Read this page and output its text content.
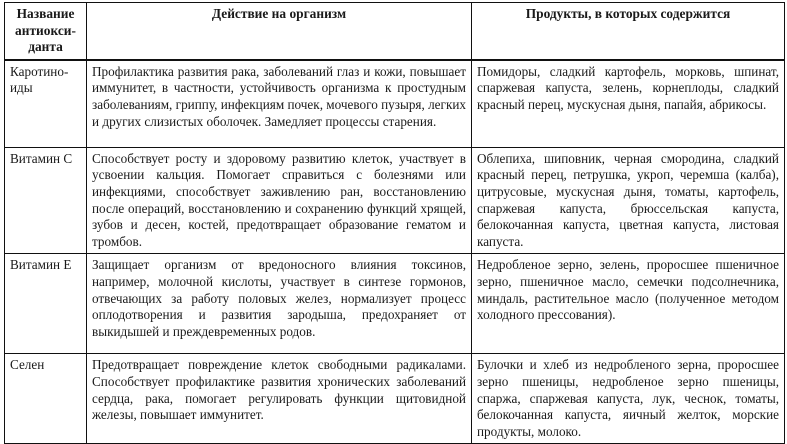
Название антиокси-данта	Действие на организм	Продукты, в которых содержится
Каротино-иды	Профилактика развития рака, заболеваний глаз и кожи, повышает иммунитет, в частности, устойчивость организма к простудным заболеваниям, гриппу, инфекциям почек, мочевого пузыря, легких и других слизистых оболочек. Замедляет процессы старения.	Помидоры, сладкий картофель, морковь, шпинат, спаржевая капуста, зелень, корнеплоды, сладкий красный перец, мускусная дыня, папайя, абрикосы.
Витамин С	Способствует росту и здоровому развитию клеток, участвует в усвоении кальция. Помогает справиться с болезнями или инфекциями, способствует заживлению ран, восстановлению после операций, восстановлению и сохранению функций хрящей, зубов и десен, костей, предотвращает образование гематом и тромбов.	Облепиха, шиповник, черная смородина, сладкий красный перец, петрушка, укроп, черемша (калба), цитрусовые, мускусная дыня, томаты, картофель, спаржевая капуста, брюссельская капуста, белокочанная капуста, цветная капуста, листовая капуста.
Витамин Е	Защищает организм от вредоносного влияния токсинов, например, молочной кислоты, участвует в синтезе гормонов, отвечающих за работу половых желез, нормализует процесс оплодотворения и развития зародыша, предохраняет от выкидышей и преждевременных родов.	Недробленое зерно, зелень, проросшее пшеничное зерно, пшеничное масло, семечки подсолнечника, миндаль, растительное масло (полученное методом холодного прессования).
Селен	Предотвращает повреждение клеток свободными радикалами. Способствует профилактике развития хронических заболеваний сердца, рака, помогает регулировать функции щитовидной железы, повышает иммунитет.	Булочки и хлеб из недробленого зерна, проросшее зерно пшеницы, недробленое зерно пшеницы, спаржа, спаржевая капуста, лук, чеснок, томаты, белокочанная капуста, яичный желток, морские продукты, молоко.
